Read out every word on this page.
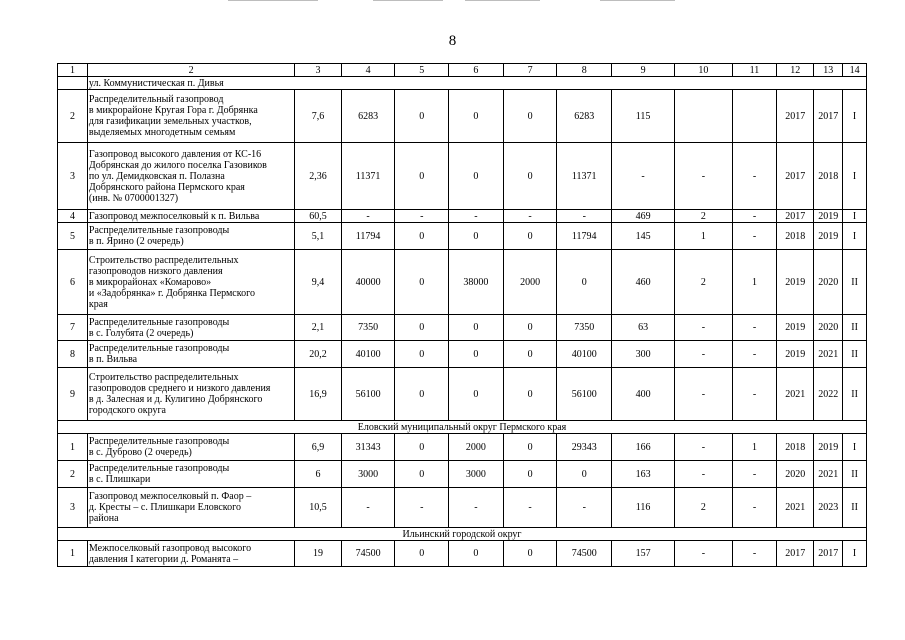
8
1	2	3	4	5	6	7	8	9	10	11	12	13	14
	ул. Коммунистическая п. Дивья												
2	Распределительный газопровод
в микрорайоне Кругая Гора г. Добрянка
для газификации земельных участков,
выделяемых многодетным семьям	7,6	6283	0	0	0	6283	115			2017	2017	I
3	Газопровод высокого давления от КС-16
Добрянская до жилого поселка Газовиков
по ул. Демидковская п. Полазна
Добрянского района Пермского края
(инв. № 0700001327)	2,36	11371	0	0	0	11371	-	-	-	2017	2018	I
4	Газопровод межпоселковый к п. Вильва	60,5	-	-	-	-	-	469	2	-	2017	2019	I
5	Распределительные газопроводы
в п. Ярино (2 очередь)	5,1	11794	0	0	0	11794	145	1	-	2018	2019	I
6	Строительство распределительных
газопроводов низкого давления
в микрорайонах «Комарово»
и «Задобрянка» г. Добрянка Пермского
края	9,4	40000	0	38000	2000	0	460	2	1	2019	2020	II
7	Распределительные газопроводы
в с. Голубята (2 очередь)	2,1	7350	0	0	0	7350	63	-	-	2019	2020	II
8	Распределительные газопроводы
в п. Вильва	20,2	40100	0	0	0	40100	300	-	-	2019	2021	II
9	Строительство распределительных
газопроводов среднего и низкого давления
в д. Залесная и д. Кулигино Добрянского
городского округа	16,9	56100	0	0	0	56100	400	-	-	2021	2022	II
Еловский муниципальный округ Пермского края													
1	Распределительные газопроводы
в с. Дуброво (2 очередь)	6,9	31343	0	2000	0	29343	166	-	1	2018	2019	I
2	Распределительные газопроводы
в с. Плишкари	6	3000	0	3000	0	0	163	-	-	2020	2021	II
3	Газопровод межпоселковый п. Фаор –
д. Кресты – с. Плишкари Еловского
района	10,5	-	-	-	-	-	116	2	-	2021	2023	II
Ильинский городской округ													
1	Межпоселковый газопровод высокого
давления I категории д. Романята –	19	74500	0	0	0	74500	157	-	-	2017	2017	I
